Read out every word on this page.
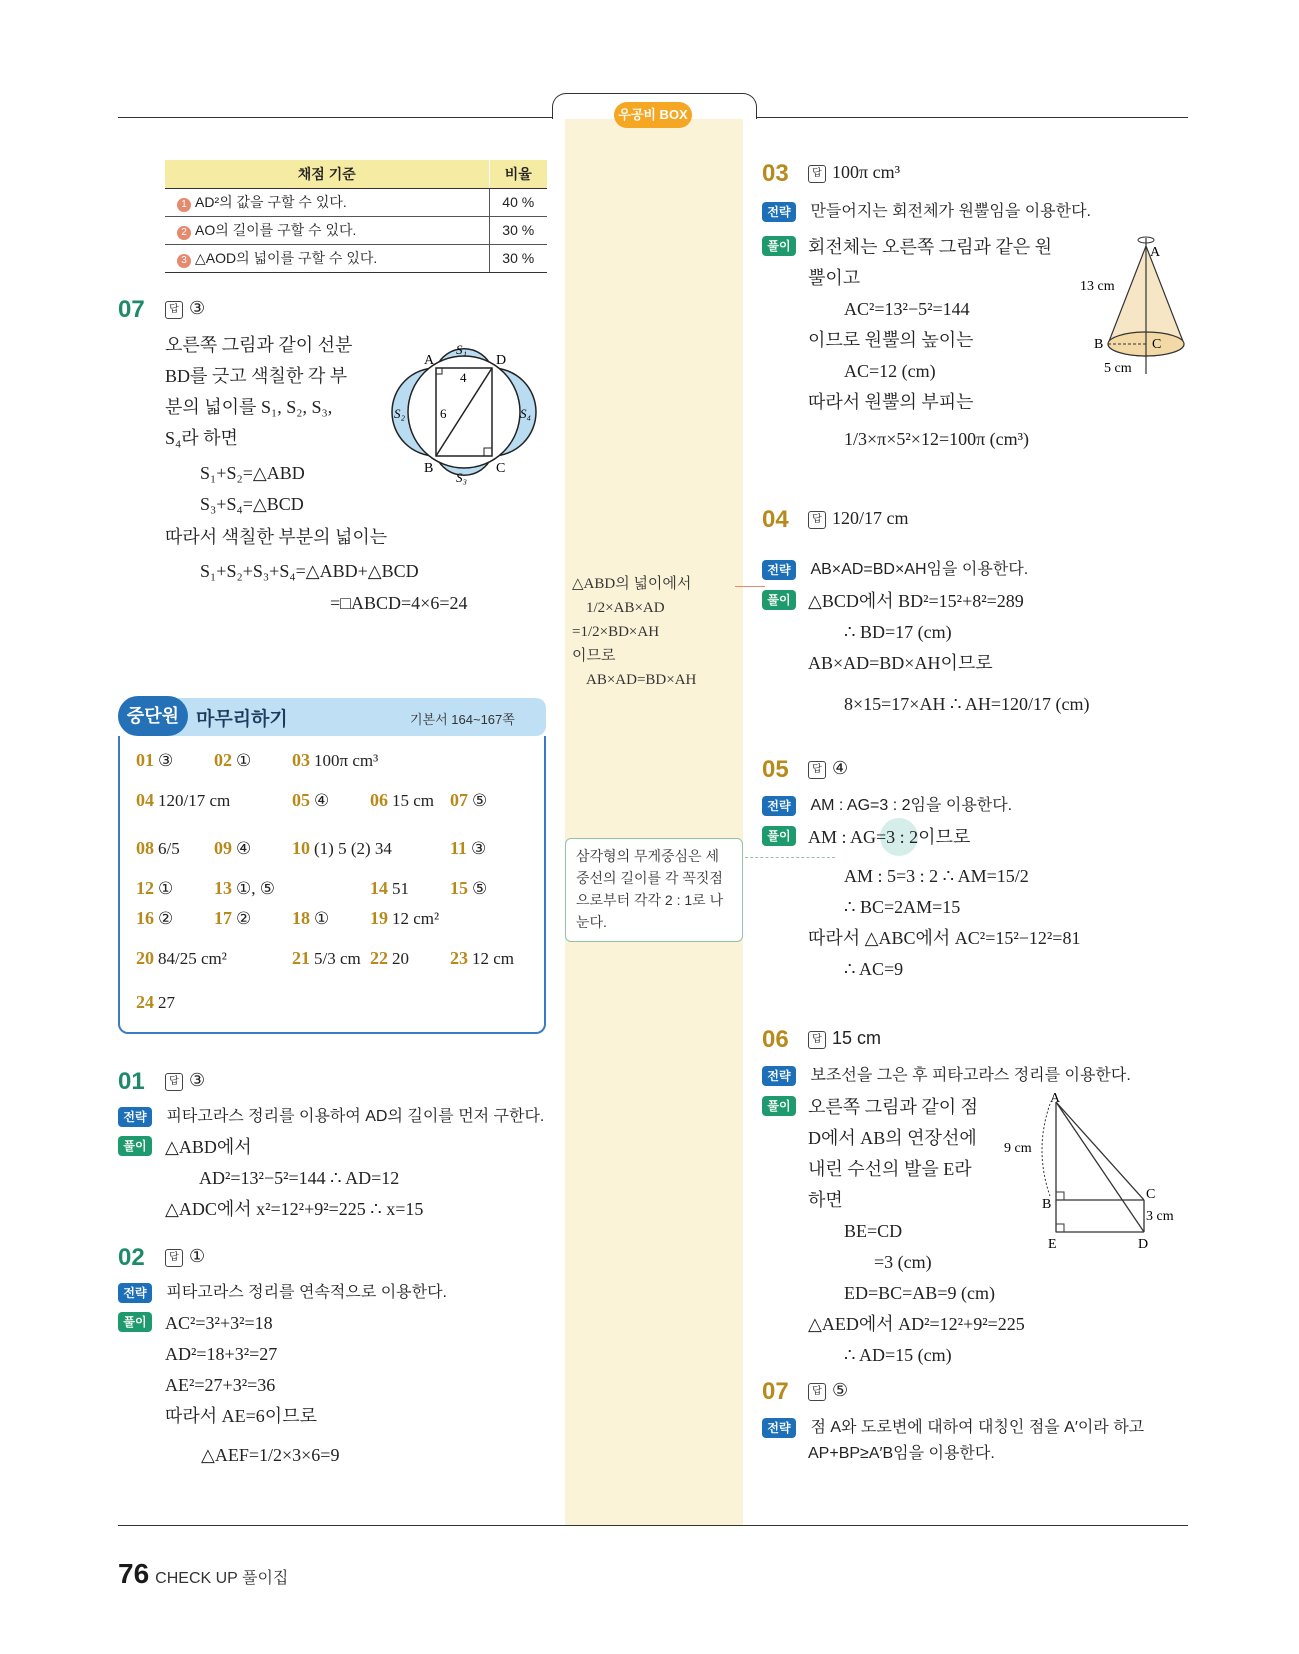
우공비 BOX
채점 기준	비율
1 AD²의 값을 구할 수 있다.	40 %
2 AO의 길이를 구할 수 있다.	30 %
3 △AOD의 넓이를 구할 수 있다.	30 %
07	답 ③
오른쪽 그림과 같이 선분
BD를 긋고 색칠한 각 부
분의 넓이를 S₁, S₂, S₃,
S₄라 하면
S₁+S₂=△ABD
S₃+S₄=△BCD
따라서 색칠한 부분의 넓이는
S₁+S₂+S₃+S₄=△ABD+△BCD
=□ABCD=4×6=24
A	D
B	C
S₁
S₂
S₃
S₄
4
6
중단원 마무리하기	기본서 164~167쪽
01 ③ 02 ① 03 100π cm³
04 120/17 cm	05 ④ 06 15 cm 07 ⑤
08 6/5 09 ④ 10 (1) 5 (2) 34	11 ③
12 ① 13 ①, ⑤	14 51 15 ⑤
16 ② 17 ② 18 ① 19 12 cm²
20 84/25 cm²	21 5/3 cm 22 20 23 12 cm
24 27
01	답 ③
전략 피타고라스 정리를 이용하여 AD의 길이를 먼저 구한다.
풀이	△ABD에서
AD²=13²−5²=144 ∴ AD=12
△ADC에서 x²=12²+9²=225 ∴ x=15
02	답 ①
전략 피타고라스 정리를 연속적으로 이용한다.
풀이	AC²=3²+3²=18
AD²=18+3²=27
AE²=27+3²=36
따라서 AE=6이므로
△AEF=1/2×3×6=9
△ABD의 넓이에서
1/2×AB×AD
=1/2×BD×AH
이므로
AB×AD=BD×AH
삼각형의 무게중심은 세 중선의 길이를 각 꼭짓점으로부터 각각 2 : 1로 나눈다.
03	답 100π cm³
전략 만들어지는 회전체가 원뿔임을 이용한다.
풀이 회전체는 오른쪽 그림과 같은 원
뿔이고
AC²=13²−5²=144
이므로 원뿔의 높이는
AC=12 (cm)
따라서 원뿔의 부피는
1/3×π×5²×12=100π (cm³)
A
B	C
13 cm
5 cm
04	답 120/17 cm
전략 AB×AD=BD×AH임을 이용한다.
풀이 △BCD에서 BD²=15²+8²=289
∴ BD=17 (cm)
AB×AD=BD×AH이므로
8×15=17×AH ∴ AH=120/17 (cm)
05	답 ④
전략 AM : AG=3 : 2임을 이용한다.
풀이 AM : AG=3 : 2이므로
AM : 5=3 : 2 ∴ AM=15/2
∴ BC=2AM=15
따라서 △ABC에서 AC²=15²−12²=81
∴ AC=9
06	답 15 cm
전략 보조선을 그은 후 피타고라스 정리를 이용한다.
풀이 오른쪽 그림과 같이 점
D에서 AB의 연장선에
내린 수선의 발을 E라
하면
BE=CD
=3 (cm)
ED=BC=AB=9 (cm)
△AED에서 AD²=12²+9²=225
∴ AD=15 (cm)
A
B
C
D
E
9 cm
3 cm
07	답 ⑤
전략 점 A와 도로변에 대하여 대칭인 점을 A′이라 하고
AP+BP≥A′B임을 이용한다.
76 CHECK UP 풀이집
